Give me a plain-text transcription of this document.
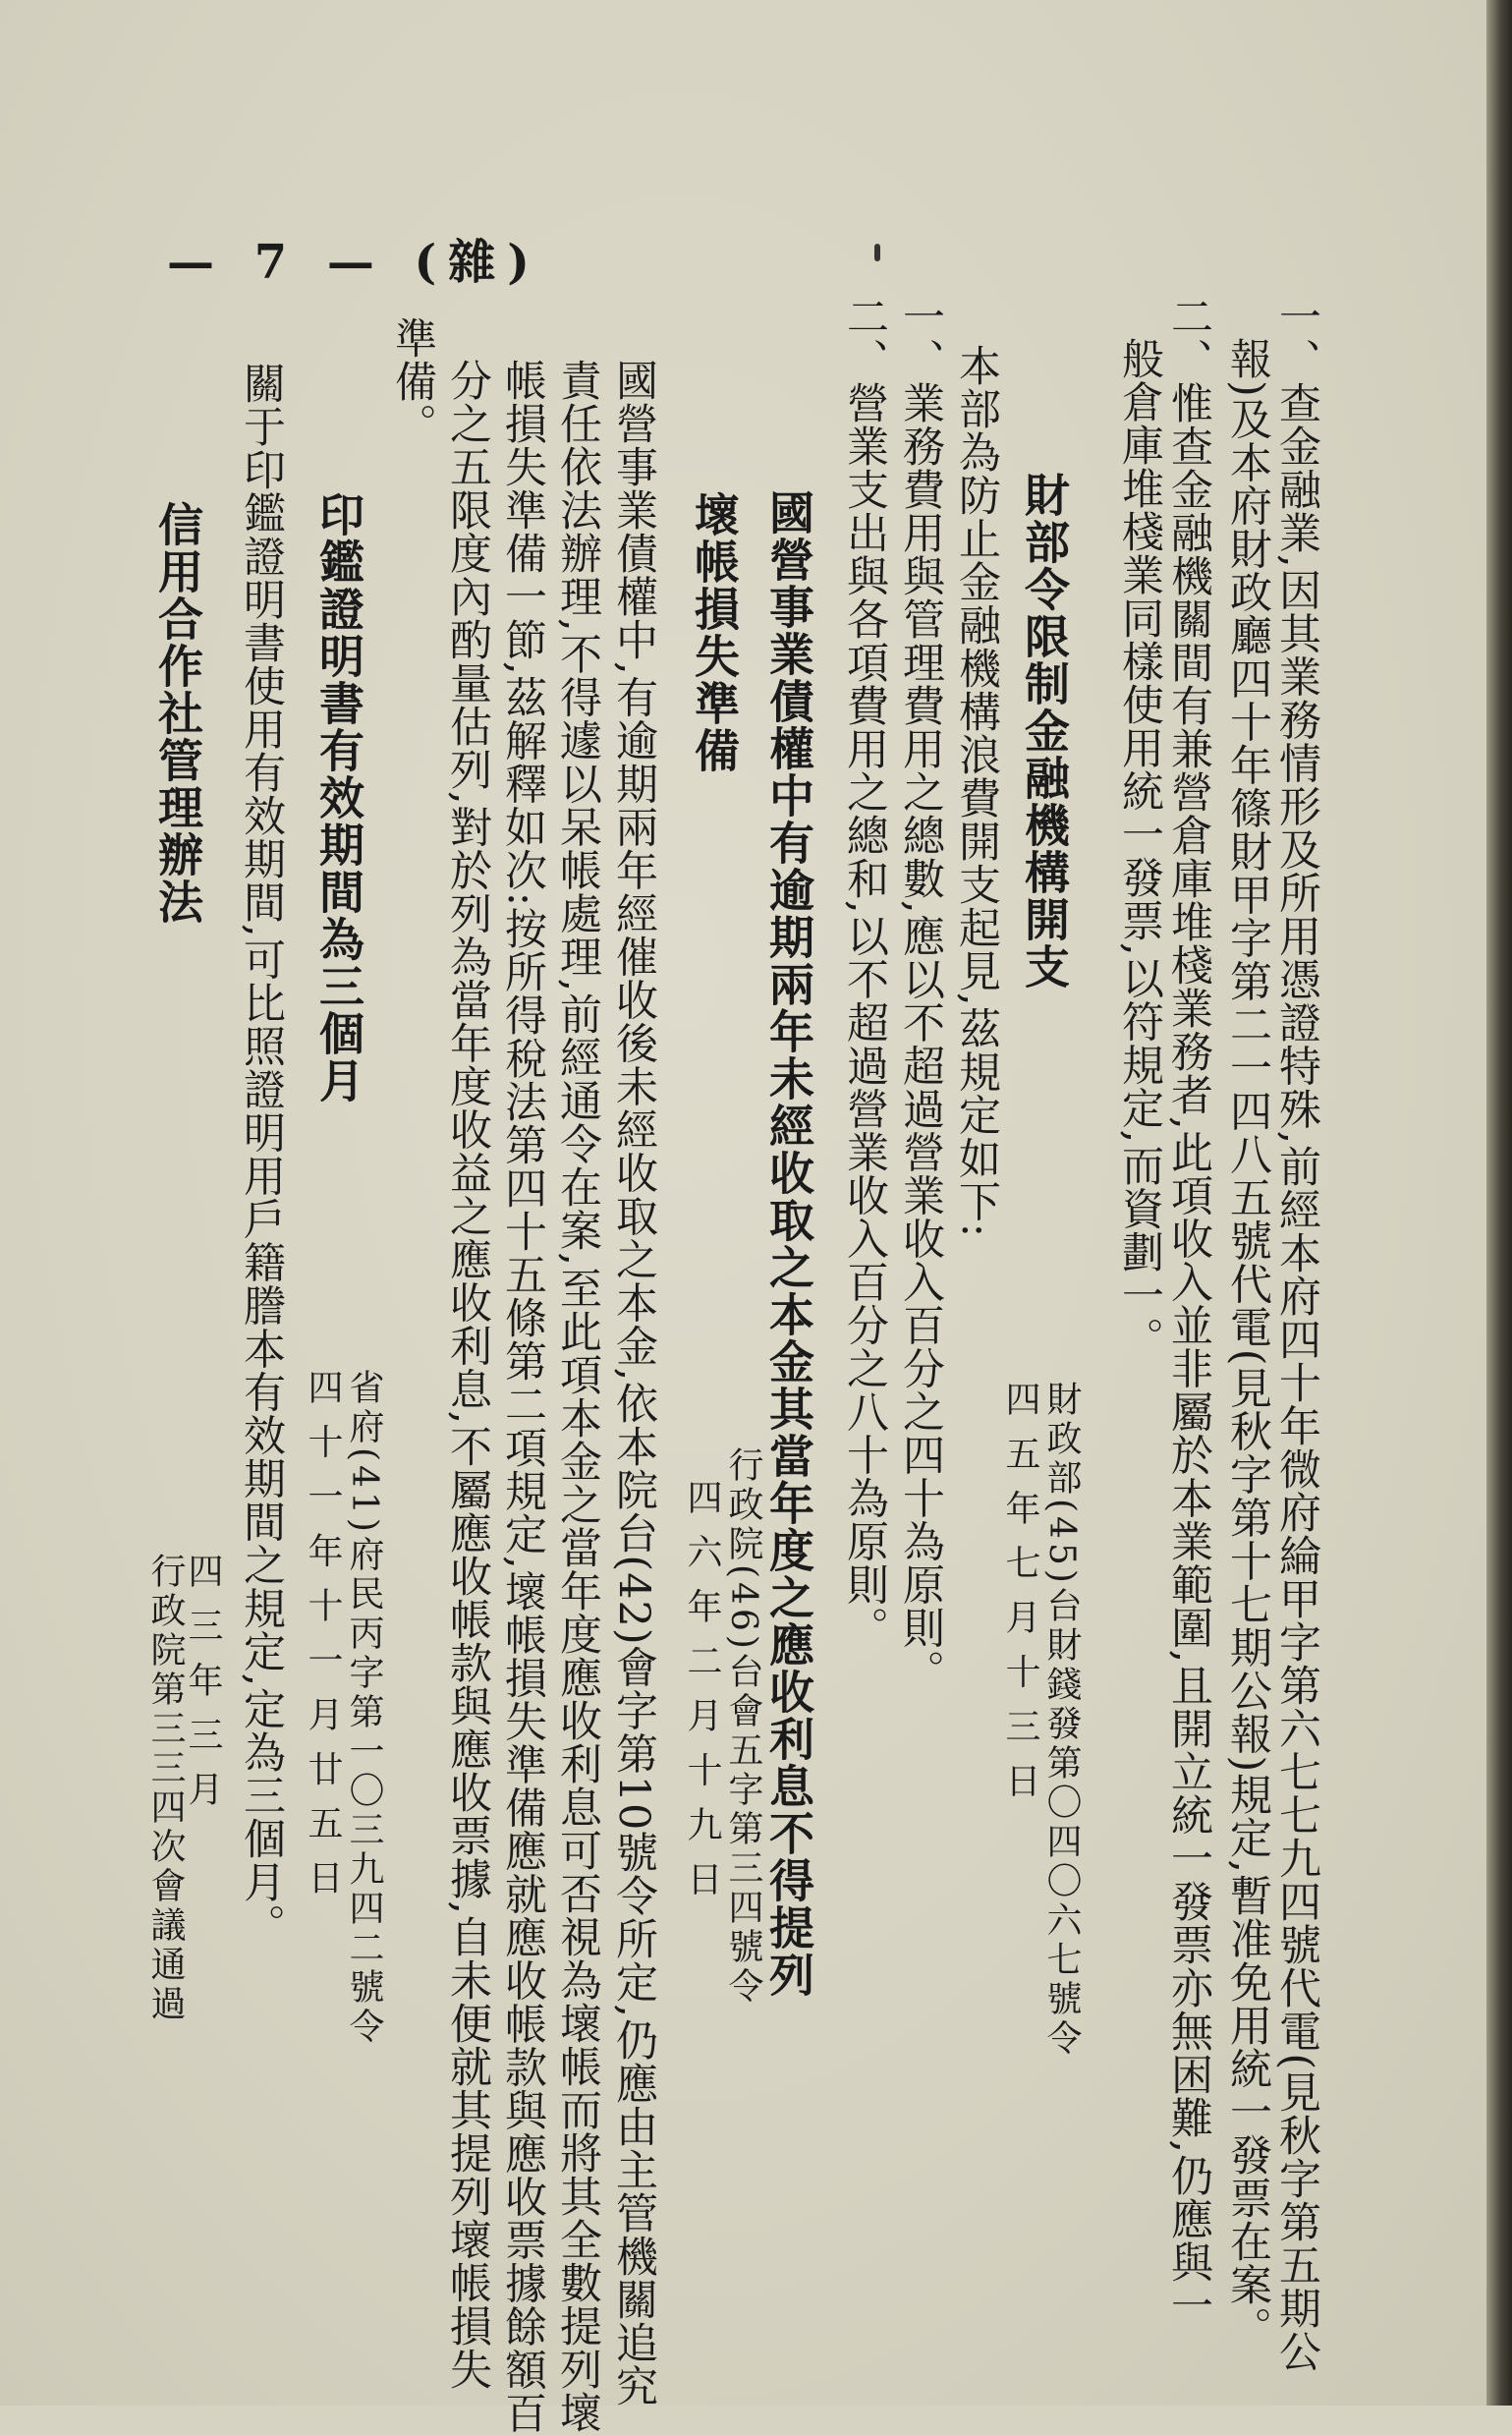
— 7 — (雜)
一、查金融業,因其業務情形及所用憑證特殊,前經本府四十年微府綸甲字第六七七九四號代電(見秋字第五期公
報)及本府財政廳四十年篠財甲字第二一四八五號代電(見秋字第十七期公報)規定,暫准免用統一發票在案。
二、惟查金融機關間有兼營倉庫堆棧業務者,此項收入並非屬於本業範圍,且開立統一發票亦無困難,仍應與一
般倉庫堆棧業同樣使用統一發票,以符規定,而資劃一。
財政部(45)台財錢發第〇四〇六七號令
四 五 年 七 月 十 三 日
財部令限制金融機構開支
本部為防止金融機構浪費開支起見,茲規定如下:
一、業務費用與管理費用之總數,應以不超過營業收入百分之四十為原則。
二、營業支出與各項費用之總和,以不超過營業收入百分之八十為原則。
國營事業債權中有逾期兩年未經收取之本金其當年度之應收利息不得提列
行政院(46)台會五字第三四號令
四 六 年 二 月 十 九 日
壞帳損失準備
國營事業債權中,有逾期兩年經催收後未經收取之本金,依本院台(42)會字第10號令所定,仍應由主管機關追究
責任依法辦理,不得遽以呆帳處理,前經通令在案,至此項本金之當年度應收利息可否視為壞帳而將其全數提列壞
帳損失準備一節,茲解釋如次:按所得稅法第四十五條第二項規定,壞帳損失準備應就應收帳款與應收票據餘額百
分之五限度內酌量估列,對於列為當年度收益之應收利息,不屬應收帳款與應收票據,自未便就其提列壞帳損失
準備。
省府(41)府民丙字第一〇三九四二號令
四 十 一 年 十 一 月 廿 五 日
印鑑證明書有效期間為三個月
關于印鑑證明書使用有效期間,可比照證明用戶籍謄本有效期間之規定,定為三個月。
四 三 年 三 月
行政院第三三四次會議通過
信用合作社管理辦法
